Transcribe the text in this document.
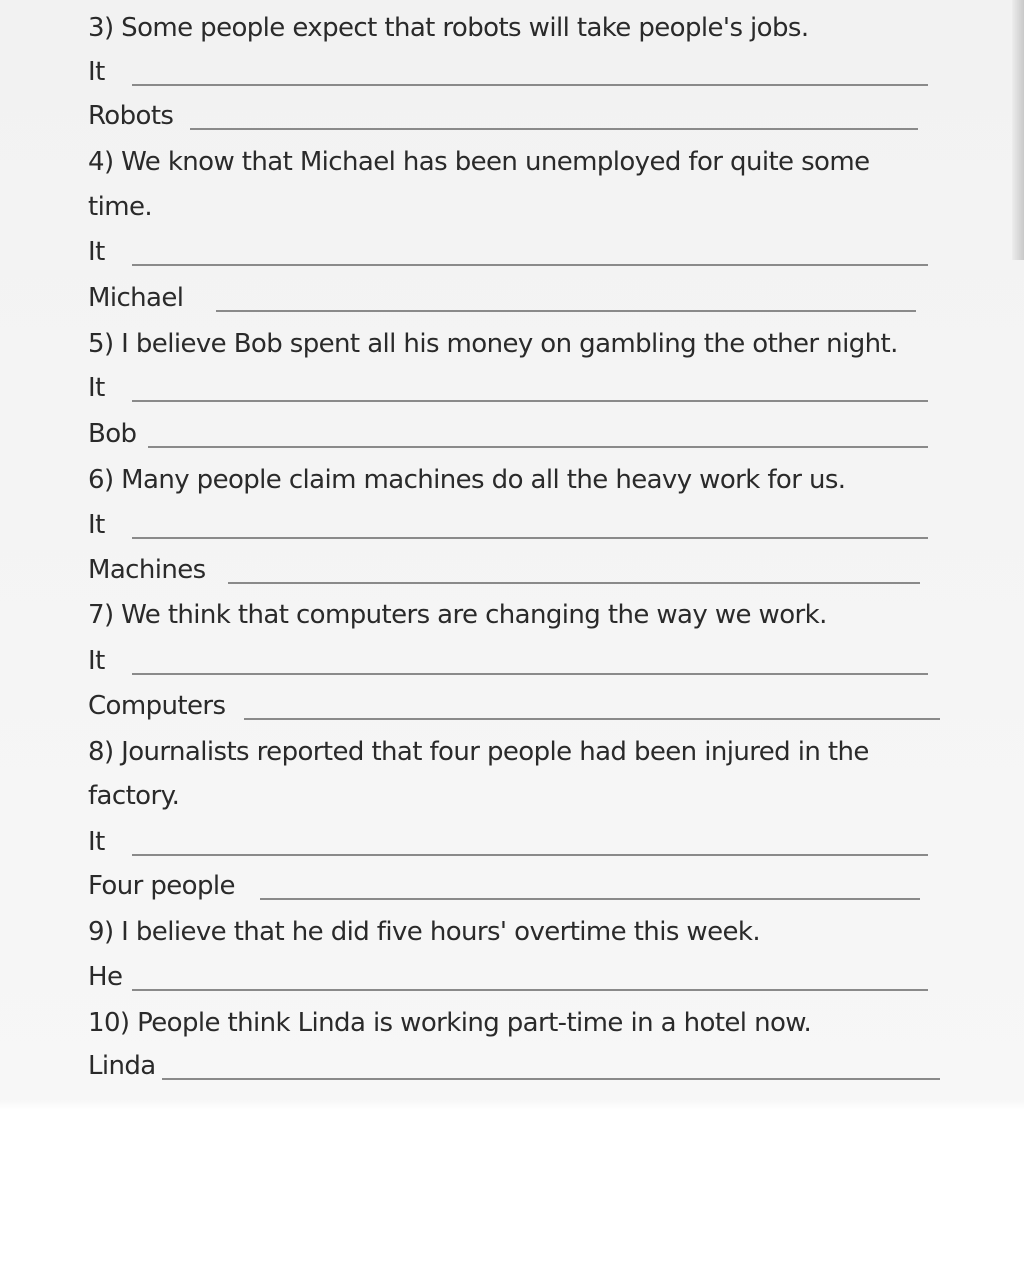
3) Some people expect that robots will take people's jobs.
It
Robots
4) We know that Michael has been unemployed for quite some
time.
It
Michael
5) I believe Bob spent all his money on gambling the other night.
It
Bob
6) Many people claim machines do all the heavy work for us.
It
Machines
7) We think that computers are changing the way we work.
It
Computers
8) Journalists reported that four people had been injured in the
factory.
It
Four people
9) I believe that he did five hours' overtime this week.
He
10) People think Linda is working part-time in a hotel now.
Linda
